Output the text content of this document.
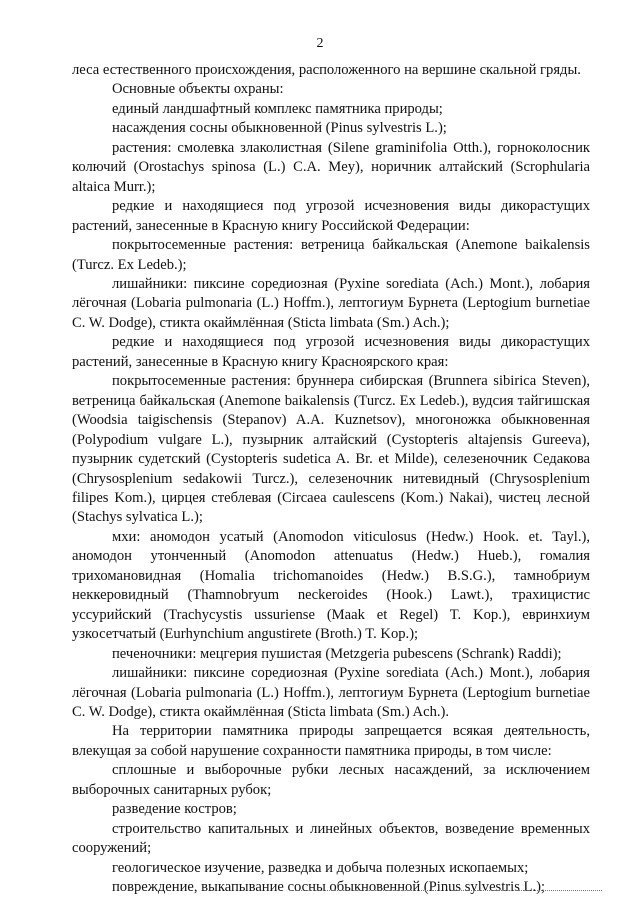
2

леса естественного происхождения, расположенного на вершине скальной гряды.

Основные объекты охраны:

единый ландшафтный комплекс памятника природы;

насаждения сосны обыкновенной (Pinus sylvestris L.);

растения: смолевка злаколистная (Silene graminifolia Otth.), горноколосник колючий (Orostachys spinosa (L.) C.A. Mey), норичник алтайский (Scrophularia altaica Murr.);

редкие и находящиеся под угрозой исчезновения виды дикорастущих растений, занесенные в Красную книгу Российской Федерации:

покрытосеменные растения: ветреница байкальская (Anemone baikalensis (Turcz. Ex Ledeb.);

лишайники: пиксине соредиозная (Pyxine sorediata (Ach.) Mont.), лобария лёгочная (Lobaria pulmonaria (L.) Hoffm.), лептогиум Бурнета (Leptogium burnetiae C. W. Dodge), стикта окаймлённая (Sticta limbata (Sm.) Ach.);

редкие и находящиеся под угрозой исчезновения виды дикорастущих растений, занесенные в Красную книгу Красноярского края:

покрытосеменные растения: бруннера сибирская (Brunnera sibirica Steven), ветреница байкальская (Anemone baikalensis (Turcz. Ex Ledeb.), вудсия тайгишская (Woodsia taigischensis (Stepanov) A.A. Kuznetsov), многоножка обыкновенная (Polypodium vulgare L.), пузырник алтайский (Cystopteris altajensis Gureeva), пузырник судетский (Cystopteris sudetica A. Br. et Milde), селезеночник Седакова (Chrysosplenium sedakowii Turcz.), селезеночник нитевидный (Chrysosplenium filipes Kom.), цирцея стеблевая (Circaea caulescens (Kom.) Nakai), чистец лесной (Stachys sylvatica L.);

мхи: аномодон усатый (Anomodon viticulosus (Hedw.) Hook. et. Tayl.), аномодон утонченный (Anomodon attenuatus (Hedw.) Hueb.), гомалия трихомановидная (Homalia trichomanoides (Hedw.) B.S.G.), тамнобриум неккеровидный (Thamnobryum neckeroides (Hook.) Lawt.), трахицистис уссурийский (Trachycystis ussuriense (Maak et Regel) T. Kop.), евринхиум узкосетчатый (Eurhynchium angustirete (Broth.) T. Kop.);

печеночники: мецгерия пушистая (Metzgeria pubescens (Schrank) Raddi);

лишайники: пиксине соредиозная (Pyxine sorediata (Ach.) Mont.), лобария лёгочная (Lobaria pulmonaria (L.) Hoffm.), лептогиум Бурнета (Leptogium burnetiae C. W. Dodge), стикта окаймлённая (Sticta limbata (Sm.) Ach.).

На территории памятника природы запрещается всякая деятельность, влекущая за собой нарушение сохранности памятника природы, в том числе:

сплошные и выборочные рубки лесных насаждений, за исключением выборочных санитарных рубок;

разведение костров;

строительство капитальных и линейных объектов, возведение временных сооружений;

геологическое изучение, разведка и добыча полезных ископаемых;

повреждение, выкапывание сосны обыкновенной (Pinus sylvestris L.);
